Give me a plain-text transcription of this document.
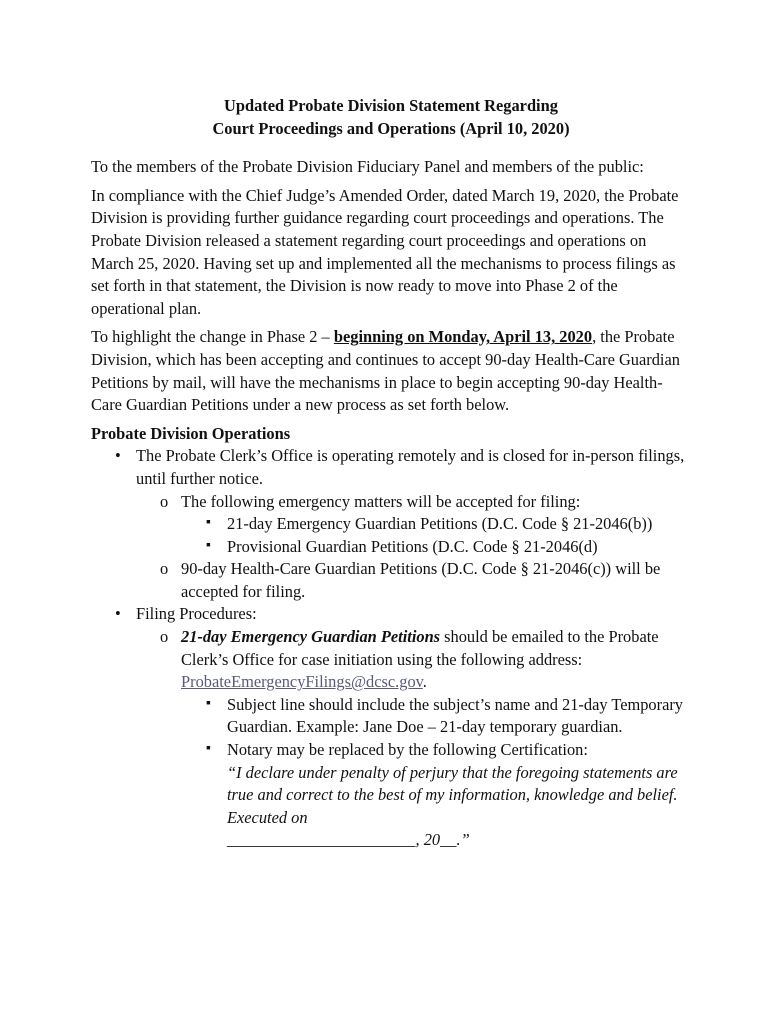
Updated Probate Division Statement Regarding
Court Proceedings and Operations (April 10, 2020)

To the members of the Probate Division Fiduciary Panel and members of the public:

In compliance with the Chief Judge’s Amended Order, dated March 19, 2020, the Probate Division is providing further guidance regarding court proceedings and operations. The Probate Division released a statement regarding court proceedings and operations on March 25, 2020. Having set up and implemented all the mechanisms to process filings as set forth in that statement, the Division is now ready to move into Phase 2 of the operational plan.

To highlight the change in Phase 2 – beginning on Monday, April 13, 2020, the Probate Division, which has been accepting and continues to accept 90-day Health-Care Guardian Petitions by mail, will have the mechanisms in place to begin accepting 90-day Health-Care Guardian Petitions under a new process as set forth below.

Probate Division Operations
• The Probate Clerk’s Office is operating remotely and is closed for in-person filings, until further notice.
o The following emergency matters will be accepted for filing:
▪ 21-day Emergency Guardian Petitions (D.C. Code § 21-2046(b))
▪ Provisional Guardian Petitions (D.C. Code § 21-2046(d)
o 90-day Health-Care Guardian Petitions (D.C. Code § 21-2046(c)) will be accepted for filing.
• Filing Procedures:
o 21-day Emergency Guardian Petitions should be emailed to the Probate Clerk’s Office for case initiation using the following address: ProbateEmergencyFilings@dcsc.gov.
▪ Subject line should include the subject’s name and 21-day Temporary Guardian. Example: Jane Doe – 21-day temporary guardian.
▪ Notary may be replaced by the following Certification:
“I declare under penalty of perjury that the foregoing statements are true and correct to the best of my information, knowledge and belief. Executed on
_______________________, 20__.”
